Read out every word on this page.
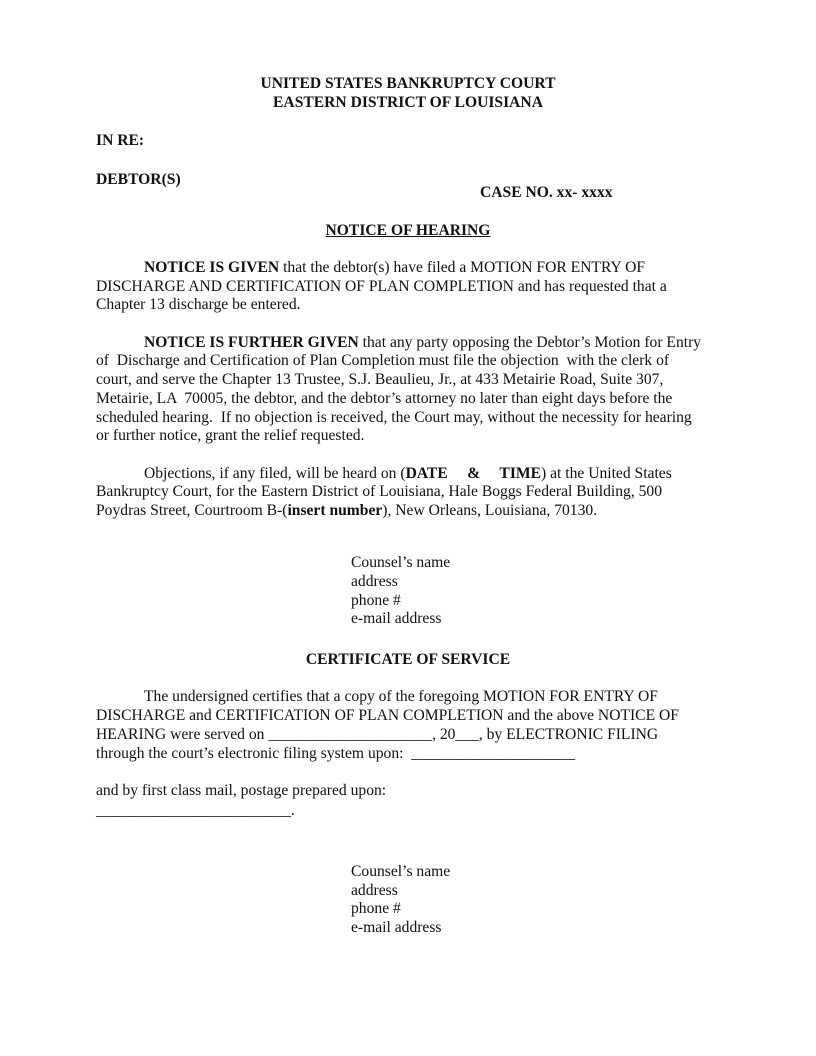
UNITED STATES BANKRUPTCY COURT
EASTERN DISTRICT OF LOUISIANA
IN RE:
DEBTOR(S)
CASE NO. xx- xxxx
NOTICE OF HEARING
NOTICE IS GIVEN that the debtor(s) have filed a MOTION FOR ENTRY OF
DISCHARGE AND CERTIFICATION OF PLAN COMPLETION and has requested that a
Chapter 13 discharge be entered.
NOTICE IS FURTHER GIVEN that any party opposing the Debtor’s Motion for Entry
of  Discharge and Certification of Plan Completion must file the objection  with the clerk of
court, and serve the Chapter 13 Trustee, S.J. Beaulieu, Jr., at 433 Metairie Road, Suite 307,
Metairie, LA  70005, the debtor, and the debtor’s attorney no later than eight days before the
scheduled hearing.  If no objection is received, the Court may, without the necessity for hearing
or further notice, grant the relief requested.
Objections, if any filed, will be heard on (DATE     &     TIME) at the United States
Bankruptcy Court, for the Eastern District of Louisiana, Hale Boggs Federal Building, 500
Poydras Street, Courtroom B-(insert number), New Orleans, Louisiana, 70130.
Counsel’s name
address
phone #
e-mail address
CERTIFICATE OF SERVICE
The undersigned certifies that a copy of the foregoing MOTION FOR ENTRY OF
DISCHARGE and CERTIFICATION OF PLAN COMPLETION and the above NOTICE OF
HEARING were served on _____________________, 20___, by ELECTRONIC FILING
through the court’s electronic filing system upon:  _____________________
and by first class mail, postage prepared upon:
_________________________.
Counsel’s name
address
phone #
e-mail address
